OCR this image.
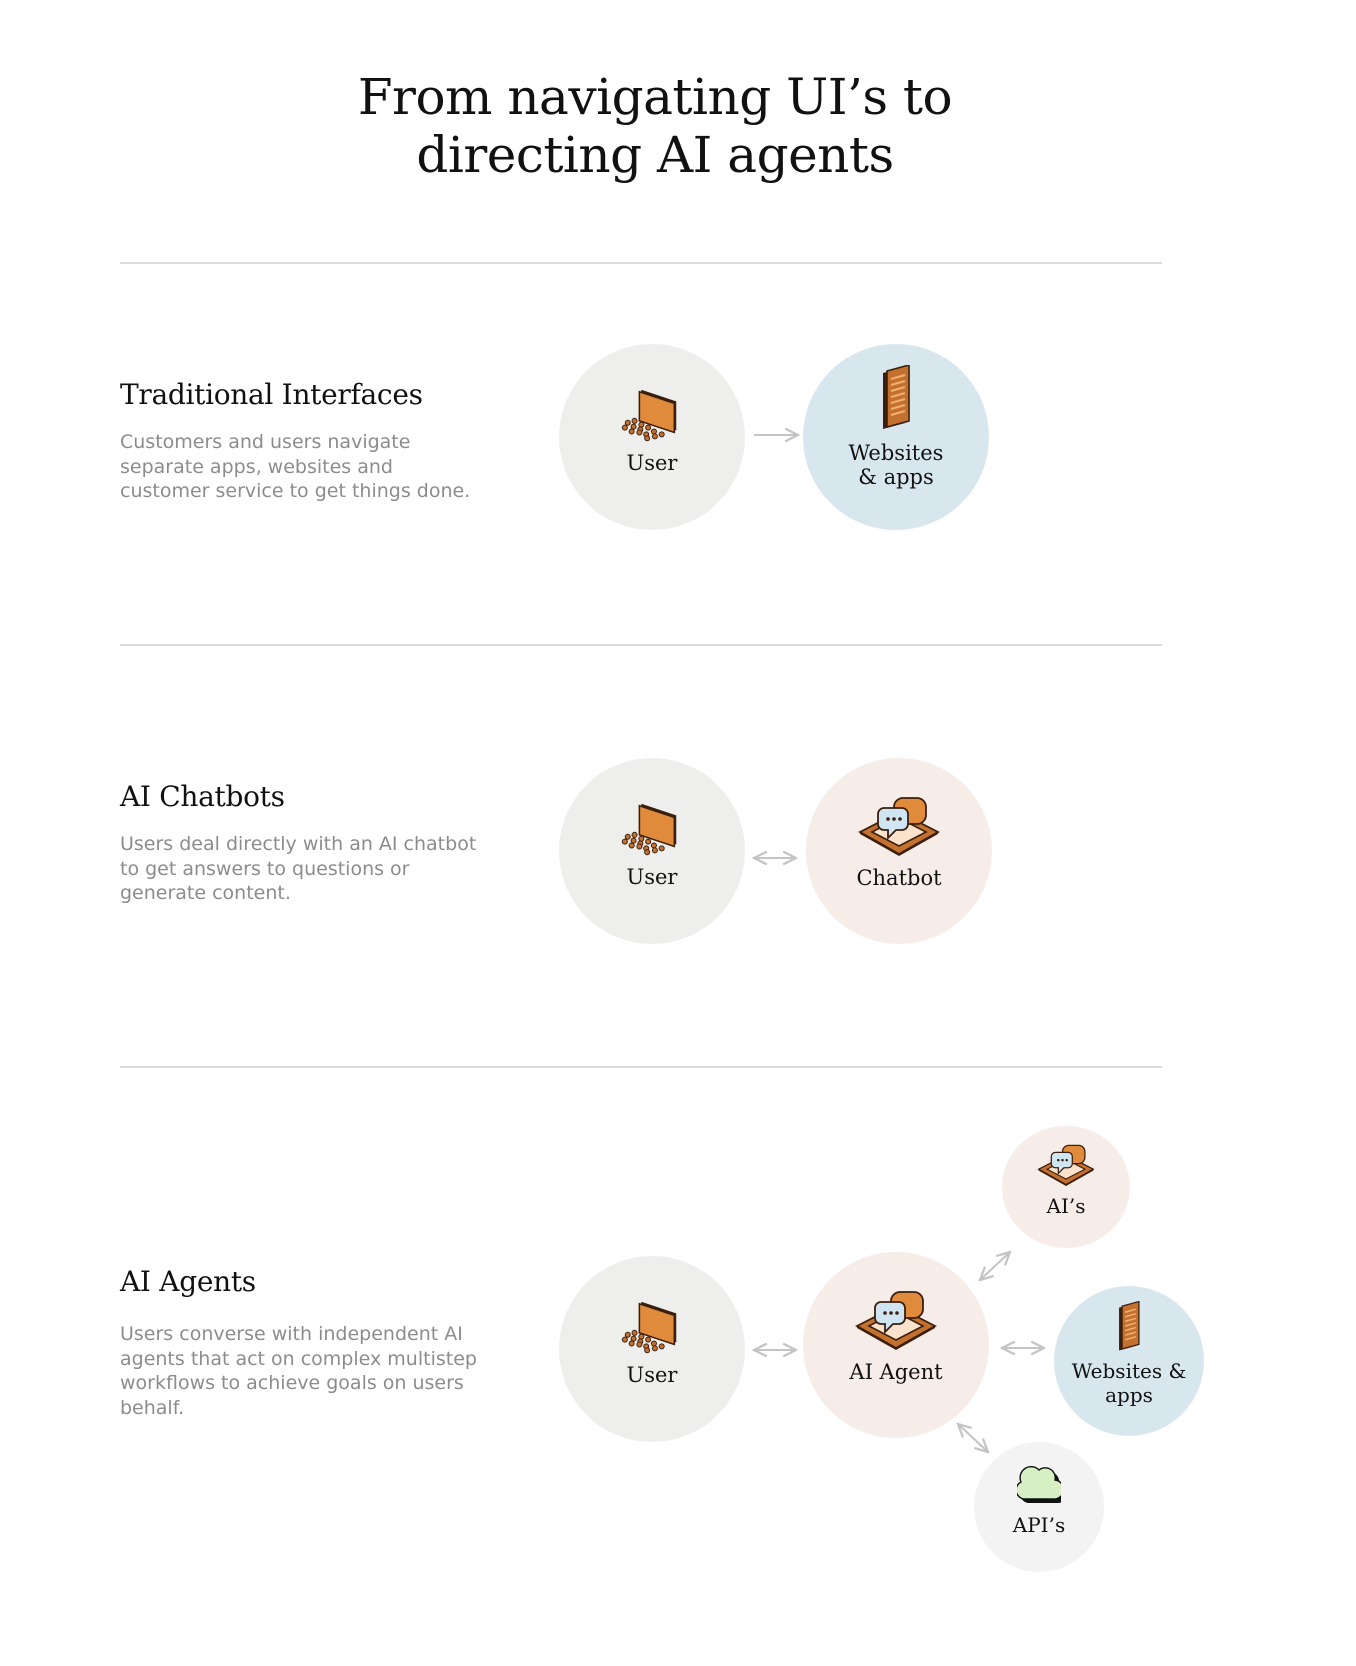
From navigating UI’s to
directing AI agents
Traditional Interfaces

Customers and users navigate separate apps, websites and customer service to get things done.

User	Websites & apps
AI Chatbots

Users deal directly with an AI chatbot to get answers to questions or generate content.

User	Chatbot
AI Agents

Users converse with independent AI agents that act on complex multistep workflows to achieve goals on users behalf.

User	AI Agent
AI’s
Websites & apps
API’s
